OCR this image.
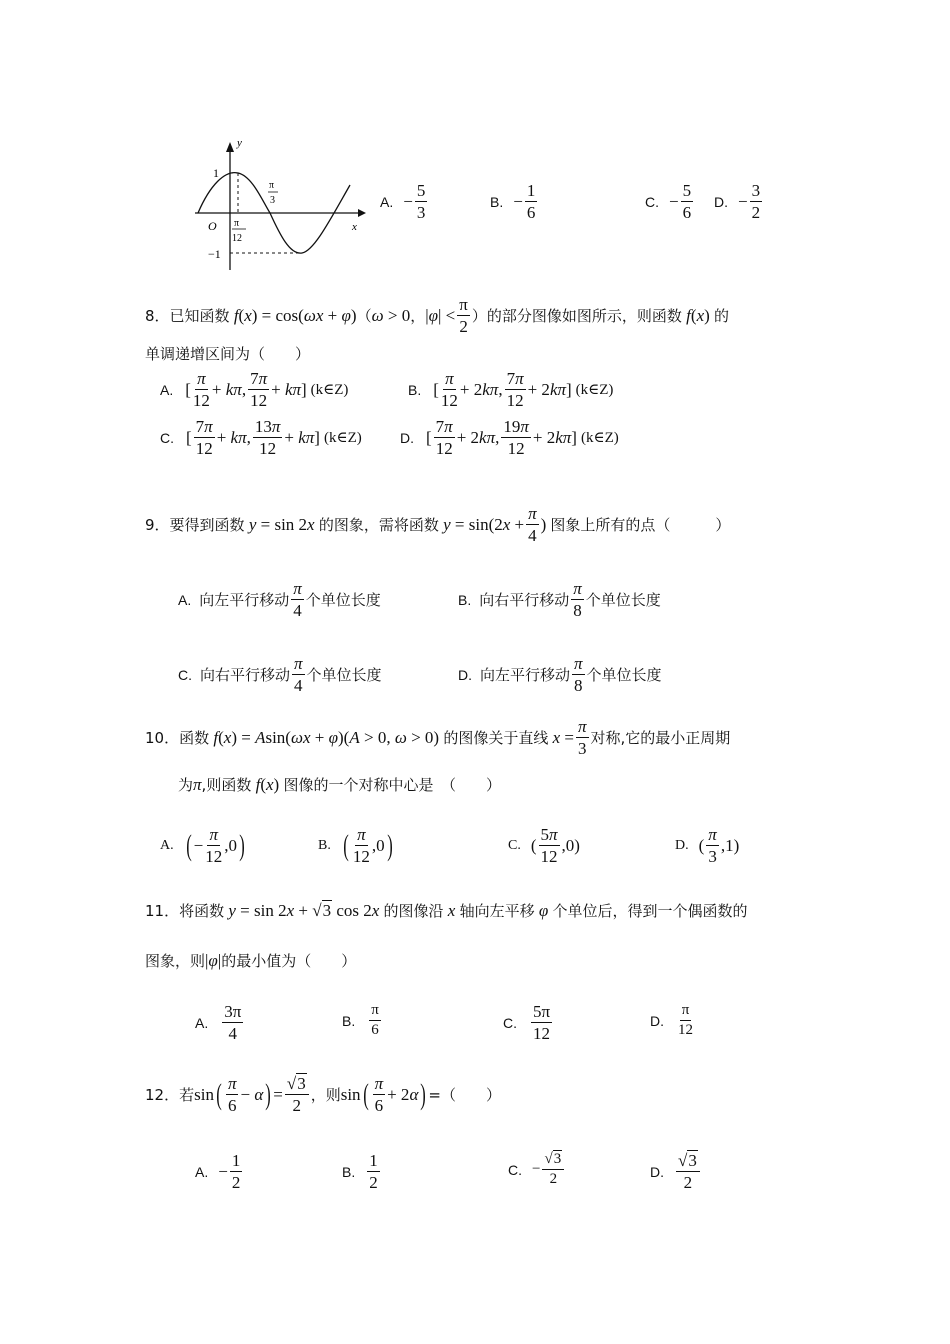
y
x
O
1
−1
π
12
π
3	A. − $\frac{5}{3}$	B. − $\frac{1}{6}$	C. − $\frac{5}{6} D$. − $\frac{3}{2}$
8． 已知函数 f(x) = cos(ωx + φ) （ω > 0， $|\varphi| < \frac{\pi}{2}$ ） 的部分图像如图所示，则函数 f(x) 的
单调递增区间为（　　）
A. [ $\frac{\pi}{12} + k\pi$, $\frac{7\pi}{12} + k\pi$] (k∈Z)	B. [ $\frac{\pi}{12} + 2k\pi$, $\frac{7\pi}{12} + 2k\pi$] (k∈Z)
C. [ $\frac{7\pi}{12} + k\pi$, $\frac{13\pi}{12} + k\pi$] (k∈Z)	D. [ $\frac{7\pi}{12} + 2k\pi$, $\frac{19\pi}{12} + 2k\pi$] (k∈Z)
9． 要得到函数 y = sin 2x 的图象，需将函数 $y = \sin(2x + \frac{\pi}{4}$ ) 图象上所有的点（　　　）
A. 向左平行移动 $\frac{\pi}{4}$ 个单位长度	B. 向右平行移动 $\frac{\pi}{8}$ 个单位长度
C. 向右平行移动 $\frac{\pi}{4}$ 个单位长度	D. 向左平行移动 $\frac{\pi}{8}$ 个单位长度
10． 函数 f(x) = Asin(ωx + φ)(A > 0, ω > 0) 的图像关于直线 $x = \frac{\pi}{3}$ 对称,它的最小正周期
为 π ,则函数 f(x) 图像的一个对称中心是　（　　）
A. ( − $\frac{\pi}{12} ,0$ )	B. ( $\frac{\pi}{12} ,0$ )	C. ( $\frac{5\pi}{12} ,0$)	D. ( $\frac{\pi}{3} ,1$)
11． 将函数 y = sin 2x + √3 cos 2x 的图像沿 x 轴向左平移 φ 个单位后，得到一个偶函数的
图象，则 |φ| 的最小值为（　　）
A. $\frac{3\pi}{4}$	B. $\frac{\pi}{6}$	C. $\frac{5\pi}{12}$	D. $\frac{\pi}{12}$
12． 若 sin ( $\frac{\pi}{6} - \alpha$ ) = $\frac{√3}{2}$ ，则 sin ( $\frac{\pi}{6} + 2\alpha$ ) =（　　）
A. − $\frac{1}{2}$	B. $\frac{1}{2}$	C. − $\frac{√3}{2}$	D. $\frac{√3}{2}$
